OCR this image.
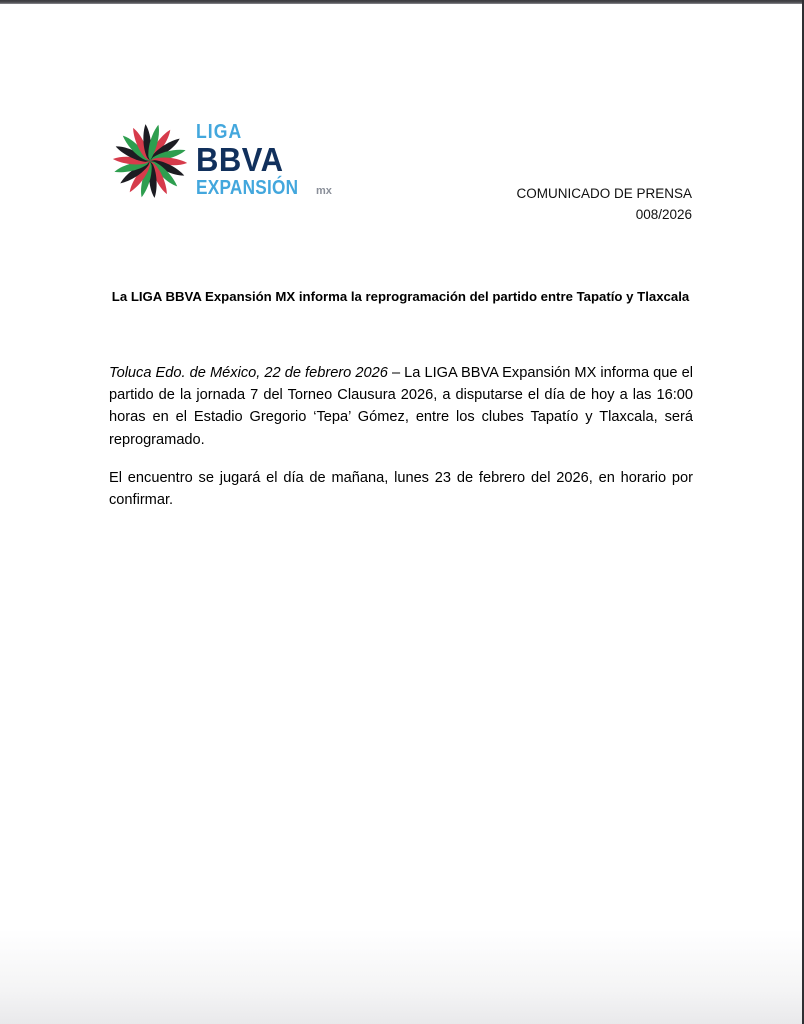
LIGA
BBVA
EXPANSIÓN mx	COMUNICADO DE PRENSA
008/2026
La LIGA BBVA Expansión MX informa la reprogramación del partido entre Tapatío y Tlaxcala

Toluca Edo. de México, 22 de febrero 2026 – La LIGA BBVA Expansión MX informa que el partido de la jornada 7 del Torneo Clausura 2026, a disputarse el día de hoy a las 16:00 horas en el Estadio Gregorio ‘Tepa’ Gómez, entre los clubes Tapatío y Tlaxcala, será reprogramado.

El encuentro se jugará el día de mañana, lunes 23 de febrero del 2026, en horario por confirmar.
